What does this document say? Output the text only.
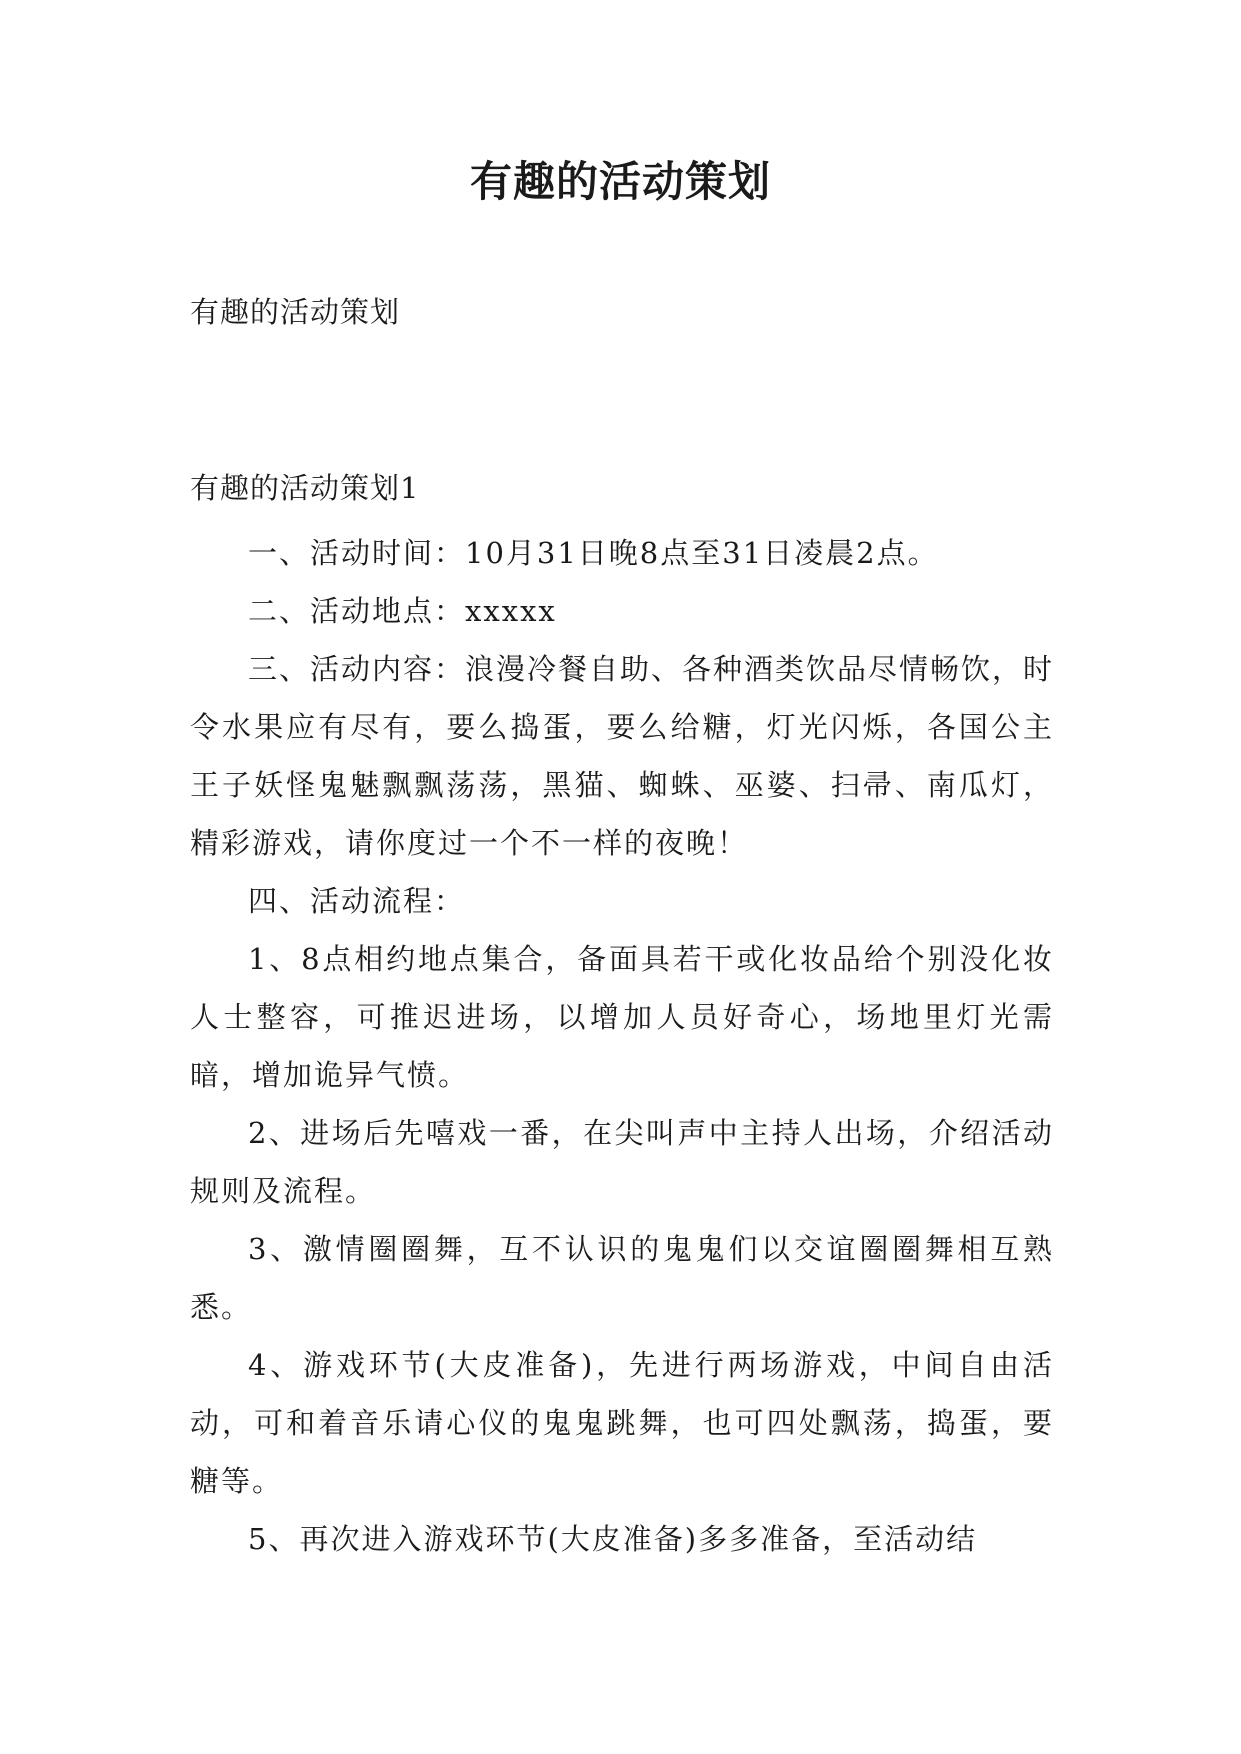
有趣的活动策划

有趣的活动策划

有趣的活动策划1

一、活动时间：10月31日晚8点至31日凌晨2点。

二、活动地点：xxxxx

三、活动内容：浪漫冷餐自助、各种酒类饮品尽情畅饮，时令水果应有尽有，要么捣蛋，要么给糖，灯光闪烁，各国公主王子妖怪鬼魅飘飘荡荡，黑猫、蜘蛛、巫婆、扫帚、南瓜灯，精彩游戏，请你度过一个不一样的夜晚！

四、活动流程：

1、8点相约地点集合，备面具若干或化妆品给个别没化妆人士整容，可推迟进场，以增加人员好奇心，场地里灯光需暗，增加诡异气愤。

2、进场后先嘻戏一番，在尖叫声中主持人出场，介绍活动规则及流程。

3、激情圈圈舞，互不认识的鬼鬼们以交谊圈圈舞相互熟悉。

4、游戏环节(大皮准备)，先进行两场游戏，中间自由活动，可和着音乐请心仪的鬼鬼跳舞，也可四处飘荡，捣蛋，要糖等。

5、再次进入游戏环节(大皮准备)多多准备，至活动结
